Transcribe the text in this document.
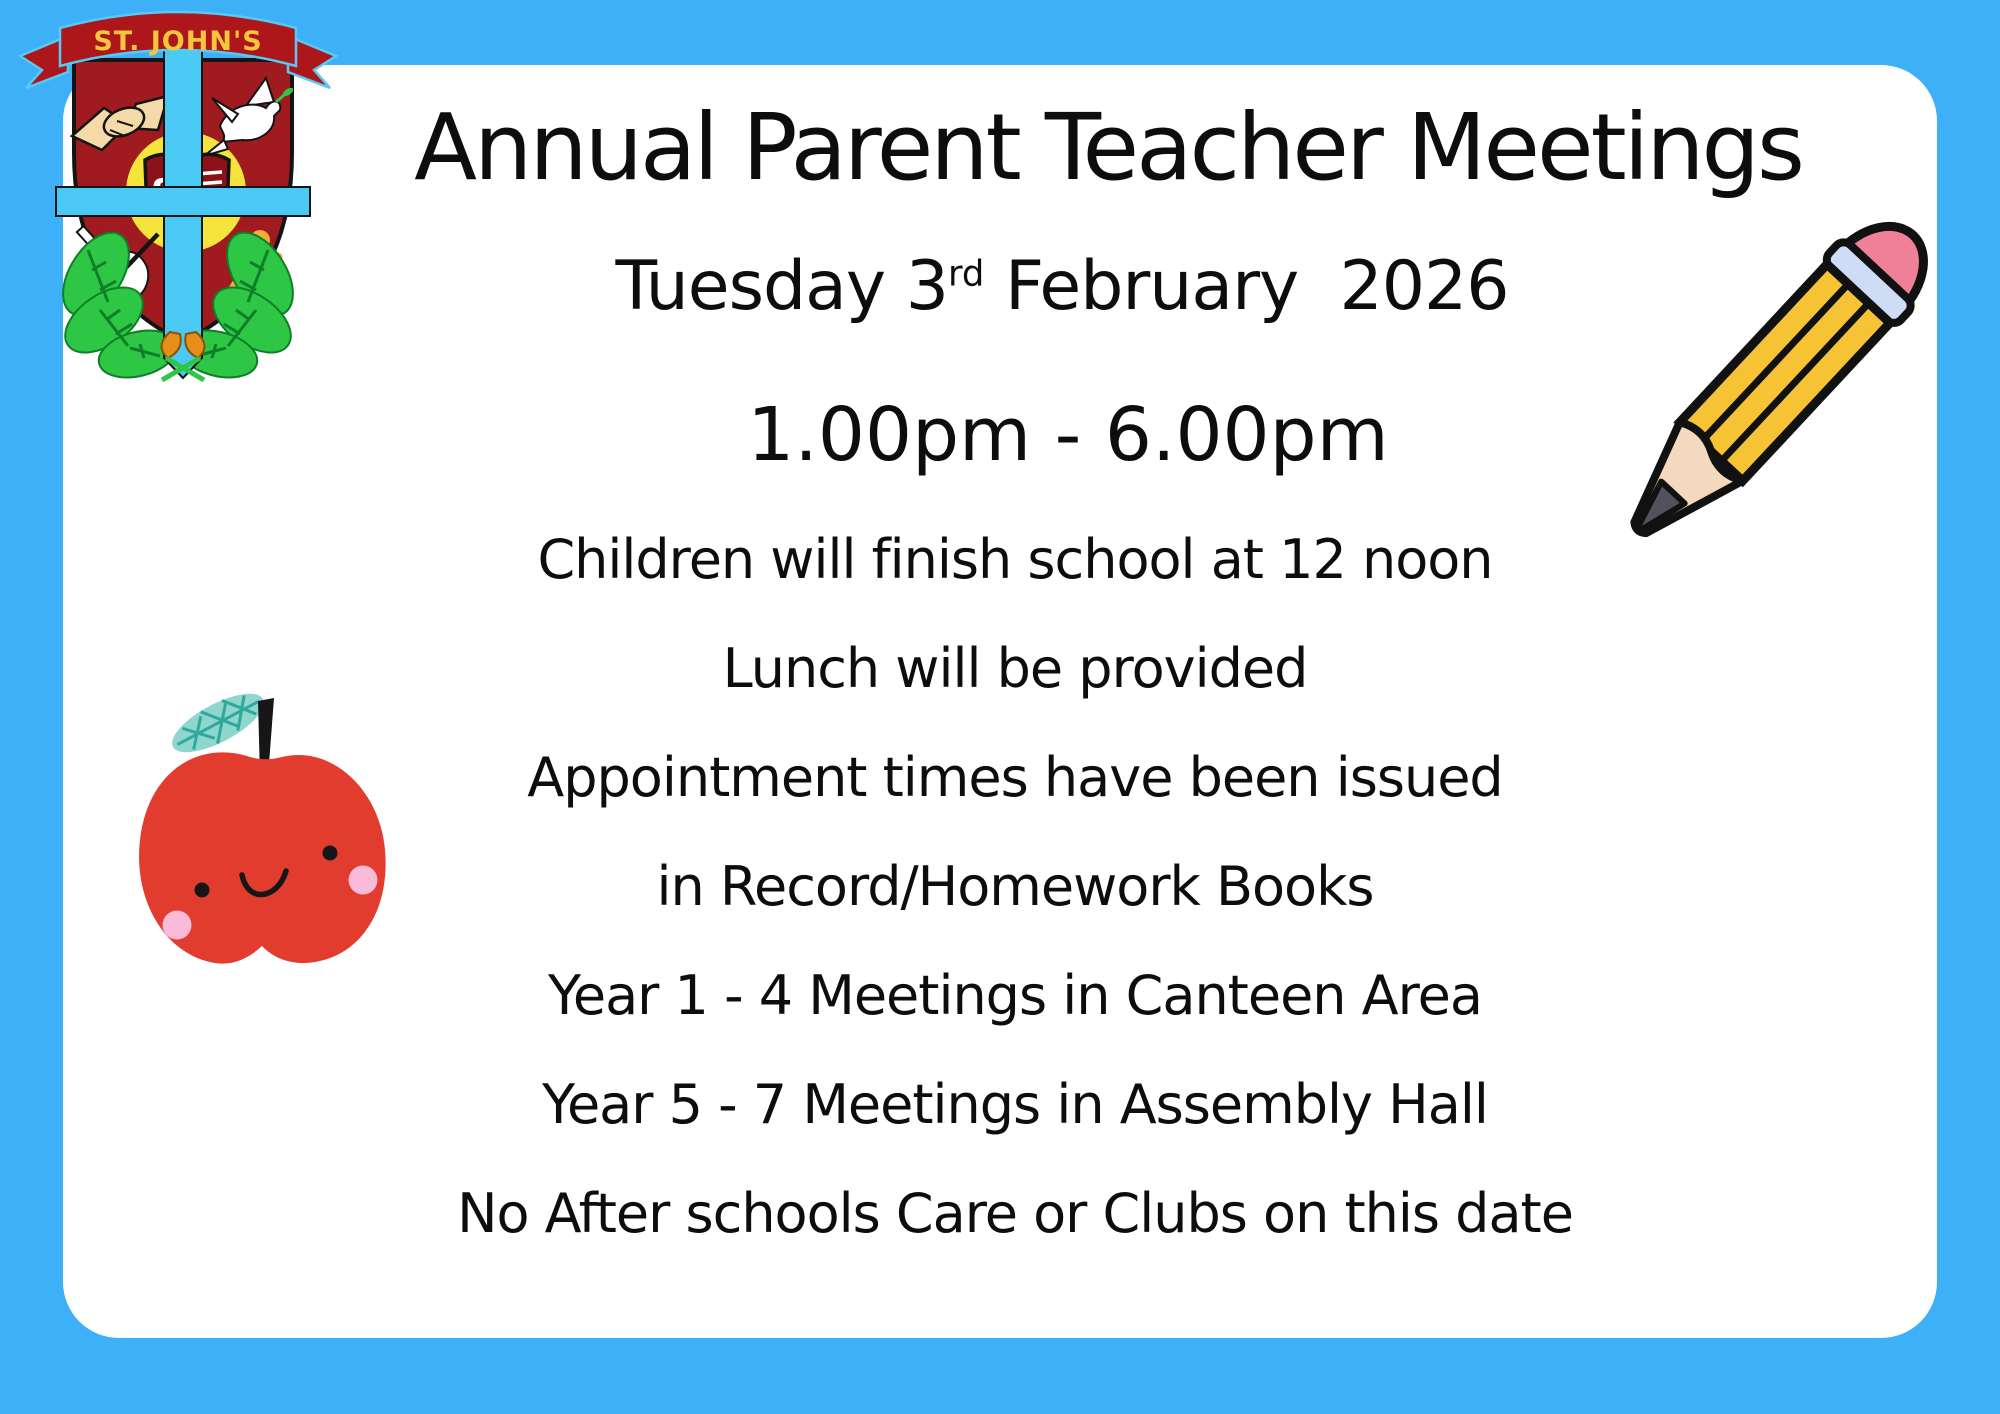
ST. JOHN'S
Annual Parent Teacher Meetings
Tuesday 3rd February  2026
1.00pm - 6.00pm
Children will finish school at 12 noon
Lunch will be provided
Appointment times have been issued
in Record/Homework Books
Year 1 - 4 Meetings in Canteen Area
Year 5 - 7 Meetings in Assembly Hall
No After schools Care or Clubs on this date
